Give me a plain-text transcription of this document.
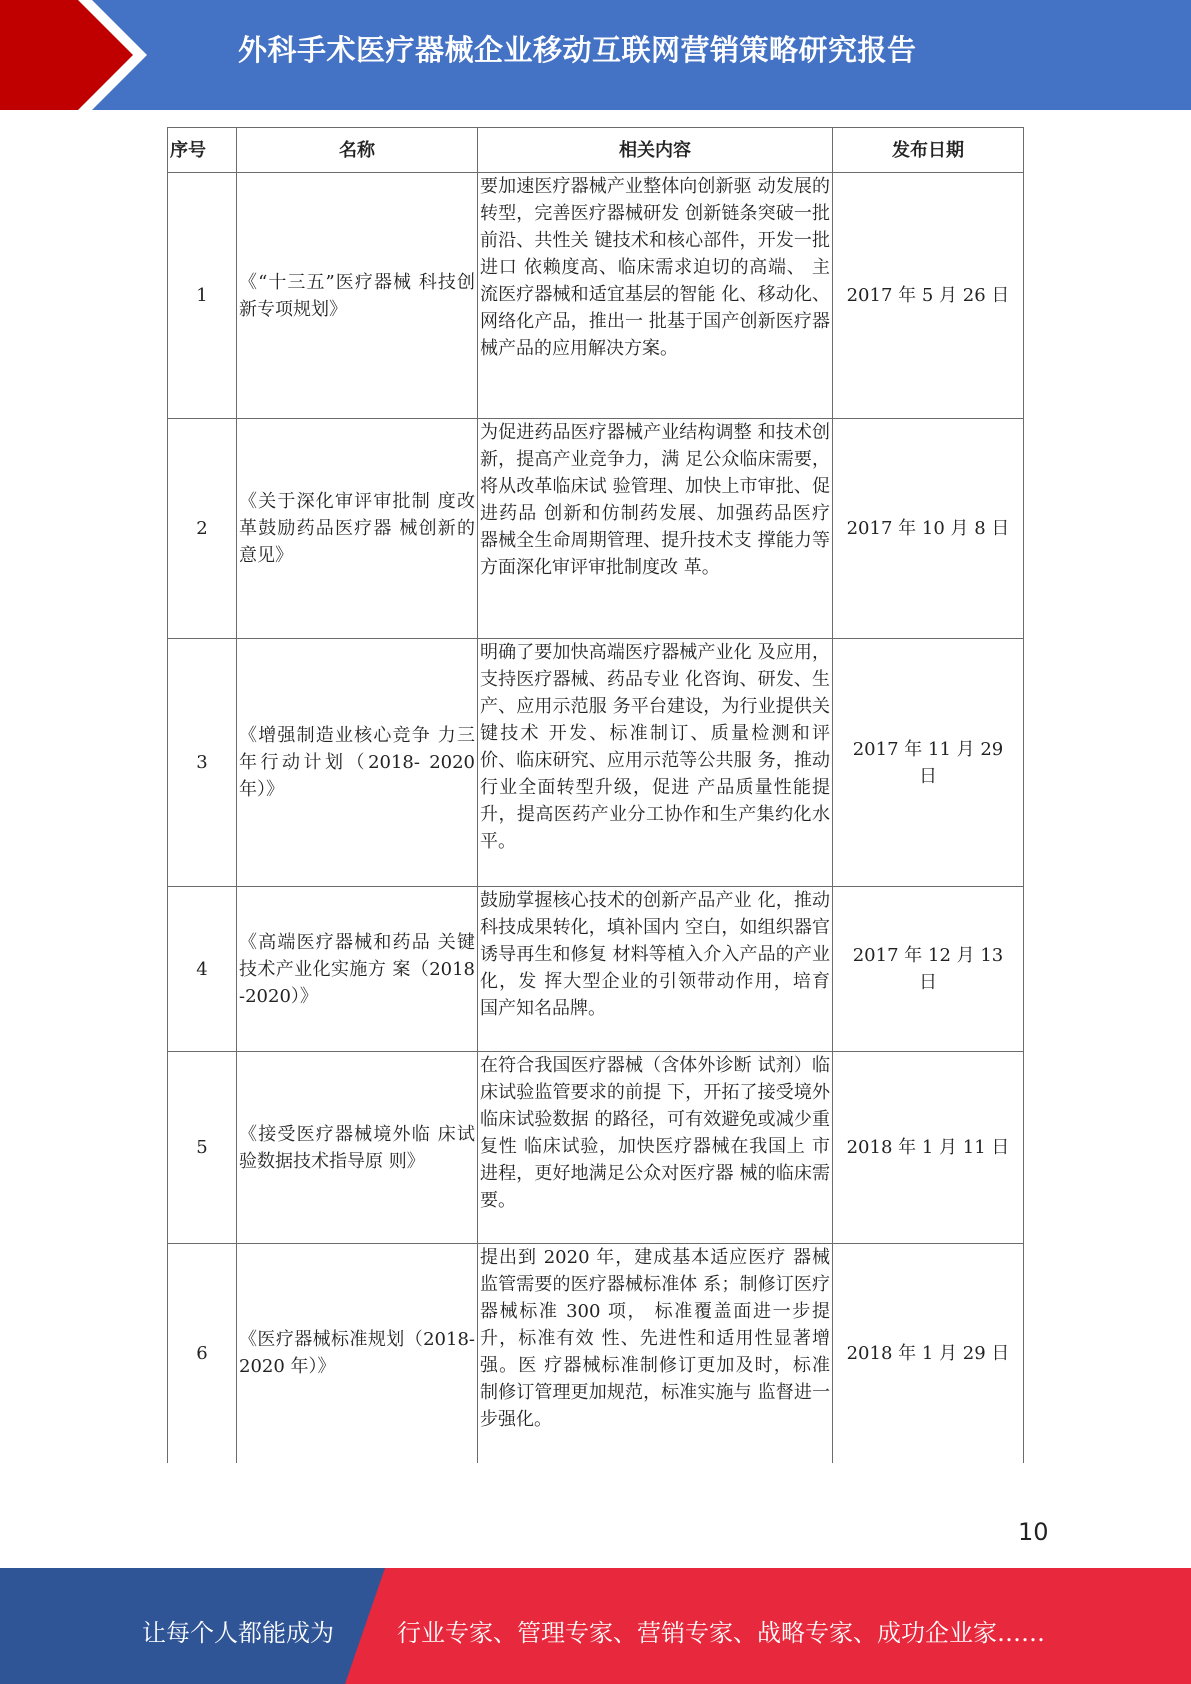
外科手术医疗器械企业移动互联网营销策略研究报告
序号	名称	相关内容	发布日期
1	《“十三五”医疗器械 科技创新专项规划》	要加速医疗器械产业整体向创新驱 动发展的转型，完善医疗器械研发 创新链条突破一批前沿、共性关 键技术和核心部件，开发一批进口 依赖度高、临床需求迫切的高端、 主流医疗器械和适宜基层的智能 化、移动化、网络化产品，推出一 批基于国产创新医疗器械产品的应用解决方案。	2017 年 5 月 26 日
2	《关于深化审评审批制 度改革鼓励药品医疗器 械创新的意见》	为促进药品医疗器械产业结构调整 和技术创新，提高产业竞争力，满 足公众临床需要，将从改革临床试 验管理、加快上市审批、促进药品 创新和仿制药发展、加强药品医疗 器械全生命周期管理、提升技术支 撑能力等方面深化审评审批制度改 革。	2017 年 10 月 8 日
3	《增强制造业核心竞争 力三年行动计划（2018- 2020 年）》	明确了要加快高端医疗器械产业化 及应用，支持医疗器械、药品专业 化咨询、研发、生产、应用示范服 务平台建设，为行业提供关键技术 开发、标准制订、质量检测和评 价、临床研究、应用示范等公共服 务，推动行业全面转型升级，促进 产品质量性能提升，提高医药产业分工协作和生产集约化水平。	2017 年 11 月 29 日
4	《高端医疗器械和药品 关键技术产业化实施方 案（2018-2020）》	鼓励掌握核心技术的创新产品产业 化，推动科技成果转化，填补国内 空白，如组织器官诱导再生和修复 材料等植入介入产品的产业化，发 挥大型企业的引领带动作用，培育 国产知名品牌。	2017 年 12 月 13 日
5	《接受医疗器械境外临 床试验数据技术指导原 则》	在符合我国医疗器械（含体外诊断 试剂）临床试验监管要求的前提 下，开拓了接受境外临床试验数据 的路径，可有效避免或减少重复性 临床试验，加快医疗器械在我国上 市进程，更好地满足公众对医疗器 械的临床需要。	2018 年 1 月 11 日
6	《医疗器械标准规划（2018-2020 年）》	提出到 2020 年，建成基本适应医疗 器械监管需要的医疗器械标准体 系；制修订医疗器械标准 300 项， 标准覆盖面进一步提升，标准有效 性、先进性和适用性显著增强。医 疗器械标准制修订更加及时，标准 制修订管理更加规范，标准实施与 监督进一步强化。	2018 年 1 月 29 日
10
让每个人都能成为	行业专家、管理专家、营销专家、战略专家、成功企业家……
